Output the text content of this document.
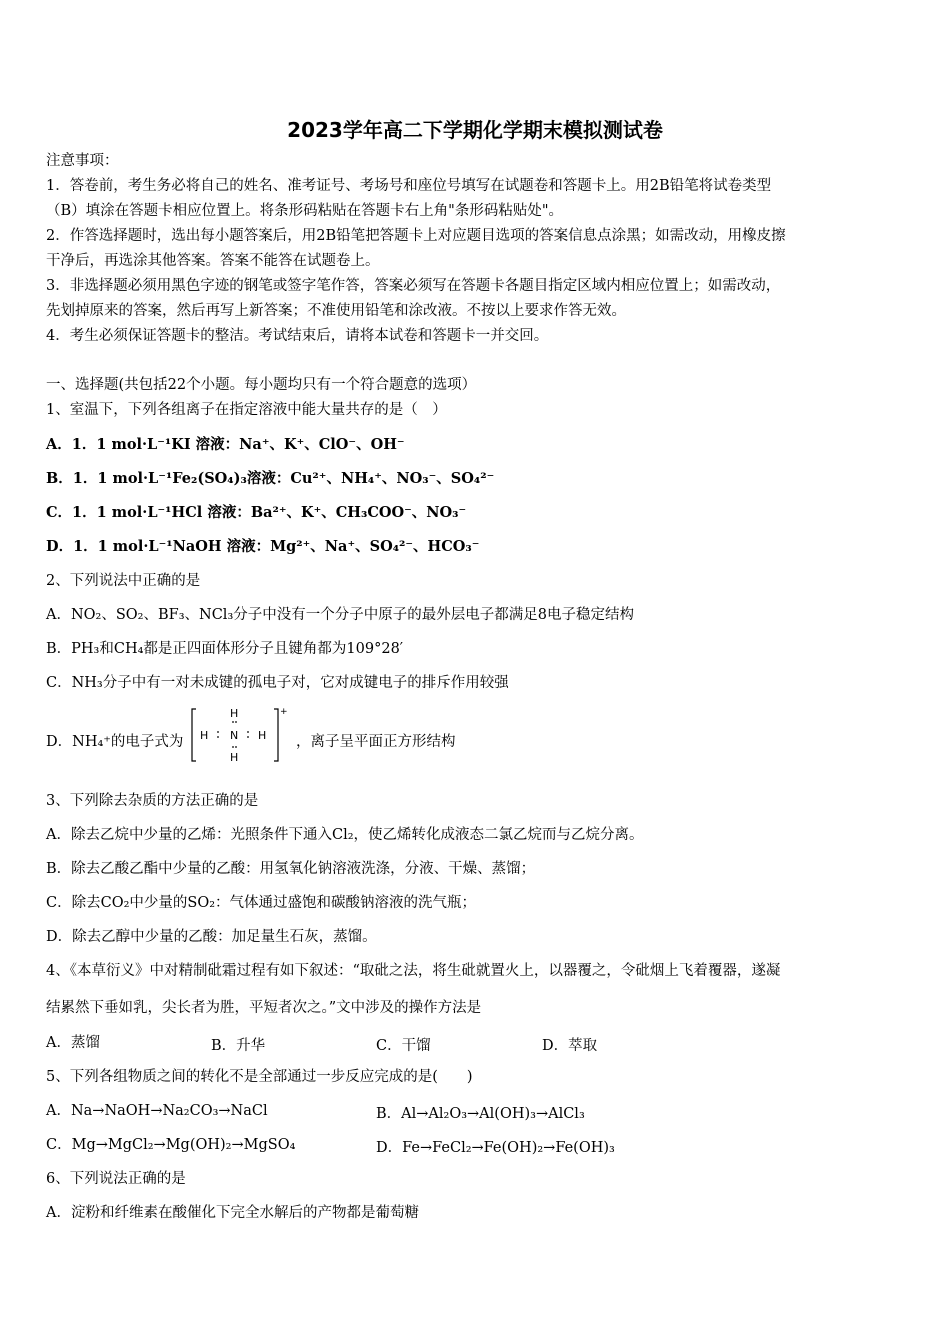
2023学年高二下学期化学期末模拟测试卷
注意事项：
1．答卷前，考生务必将自己的姓名、准考证号、考场号和座位号填写在试题卷和答题卡上。用2B铅笔将试卷类型
（B）填涂在答题卡相应位置上。将条形码粘贴在答题卡右上角"条形码粘贴处"。
2．作答选择题时，选出每小题答案后，用2B铅笔把答题卡上对应题目选项的答案信息点涂黑；如需改动，用橡皮擦
干净后，再选涂其他答案。答案不能答在试题卷上。
3．非选择题必须用黑色字迹的钢笔或签字笔作答，答案必须写在答题卡各题目指定区域内相应位置上；如需改动，
先划掉原来的答案，然后再写上新答案；不准使用铅笔和涂改液。不按以上要求作答无效。
4．考生必须保证答题卡的整洁。考试结束后，请将本试卷和答题卡一并交回。
一、选择题(共包括22个小题。每小题均只有一个符合题意的选项）
1、室温下，下列各组离子在指定溶液中能大量共存的是（　）
A．1．1 mol·L⁻¹KI 溶液：Na⁺、K⁺、ClO⁻、OH⁻
B．1．1 mol·L⁻¹Fe₂(SO₄)₃溶液：Cu²⁺、NH₄⁺、NO₃⁻、SO₄²⁻
C．1．1 mol·L⁻¹HCl 溶液：Ba²⁺、K⁺、CH₃COO⁻、NO₃⁻
D．1．1 mol·L⁻¹NaOH 溶液：Mg²⁺、Na⁺、SO₄²⁻、HCO₃⁻
2、下列说法中正确的是
A．NO₂、SO₂、BF₃、NCl₃分子中没有一个分子中原子的最外层电子都满足8电子稳定结构
B．PH₃和CH₄都是正四面体形分子且键角都为109°28′
C．NH₃分子中有一对未成键的孤电子对，它对成键电子的排斥作用较强
D．NH₄⁺的电子式为
H
H N H
H
+
，离子呈平面正方形结构
3、下列除去杂质的方法正确的是
A．除去乙烷中少量的乙烯：光照条件下通入Cl₂，使乙烯转化成液态二氯乙烷而与乙烷分离。
B．除去乙酸乙酯中少量的乙酸：用氢氧化钠溶液洗涤，分液、干燥、蒸馏；
C．除去CO₂中少量的SO₂：气体通过盛饱和碳酸钠溶液的洗气瓶；
D．除去乙醇中少量的乙酸：加足量生石灰，蒸馏。
4、《本草衍义》中对精制砒霜过程有如下叙述：“取砒之法，将生砒就置火上，以器覆之，令砒烟上飞着覆器，遂凝
结累然下垂如乳，尖长者为胜，平短者次之。”文中涉及的操作方法是
A．蒸馏	B．升华	C．干馏	D．萃取
5、下列各组物质之间的转化不是全部通过一步反应完成的是(　　)
A．Na→NaOH→Na₂CO₃→NaCl	B．Al→Al₂O₃→Al(OH)₃→AlCl₃
C．Mg→MgCl₂→Mg(OH)₂→MgSO₄	D．Fe→FeCl₂→Fe(OH)₂→Fe(OH)₃
6、下列说法正确的是
A．淀粉和纤维素在酸催化下完全水解后的产物都是葡萄糖
